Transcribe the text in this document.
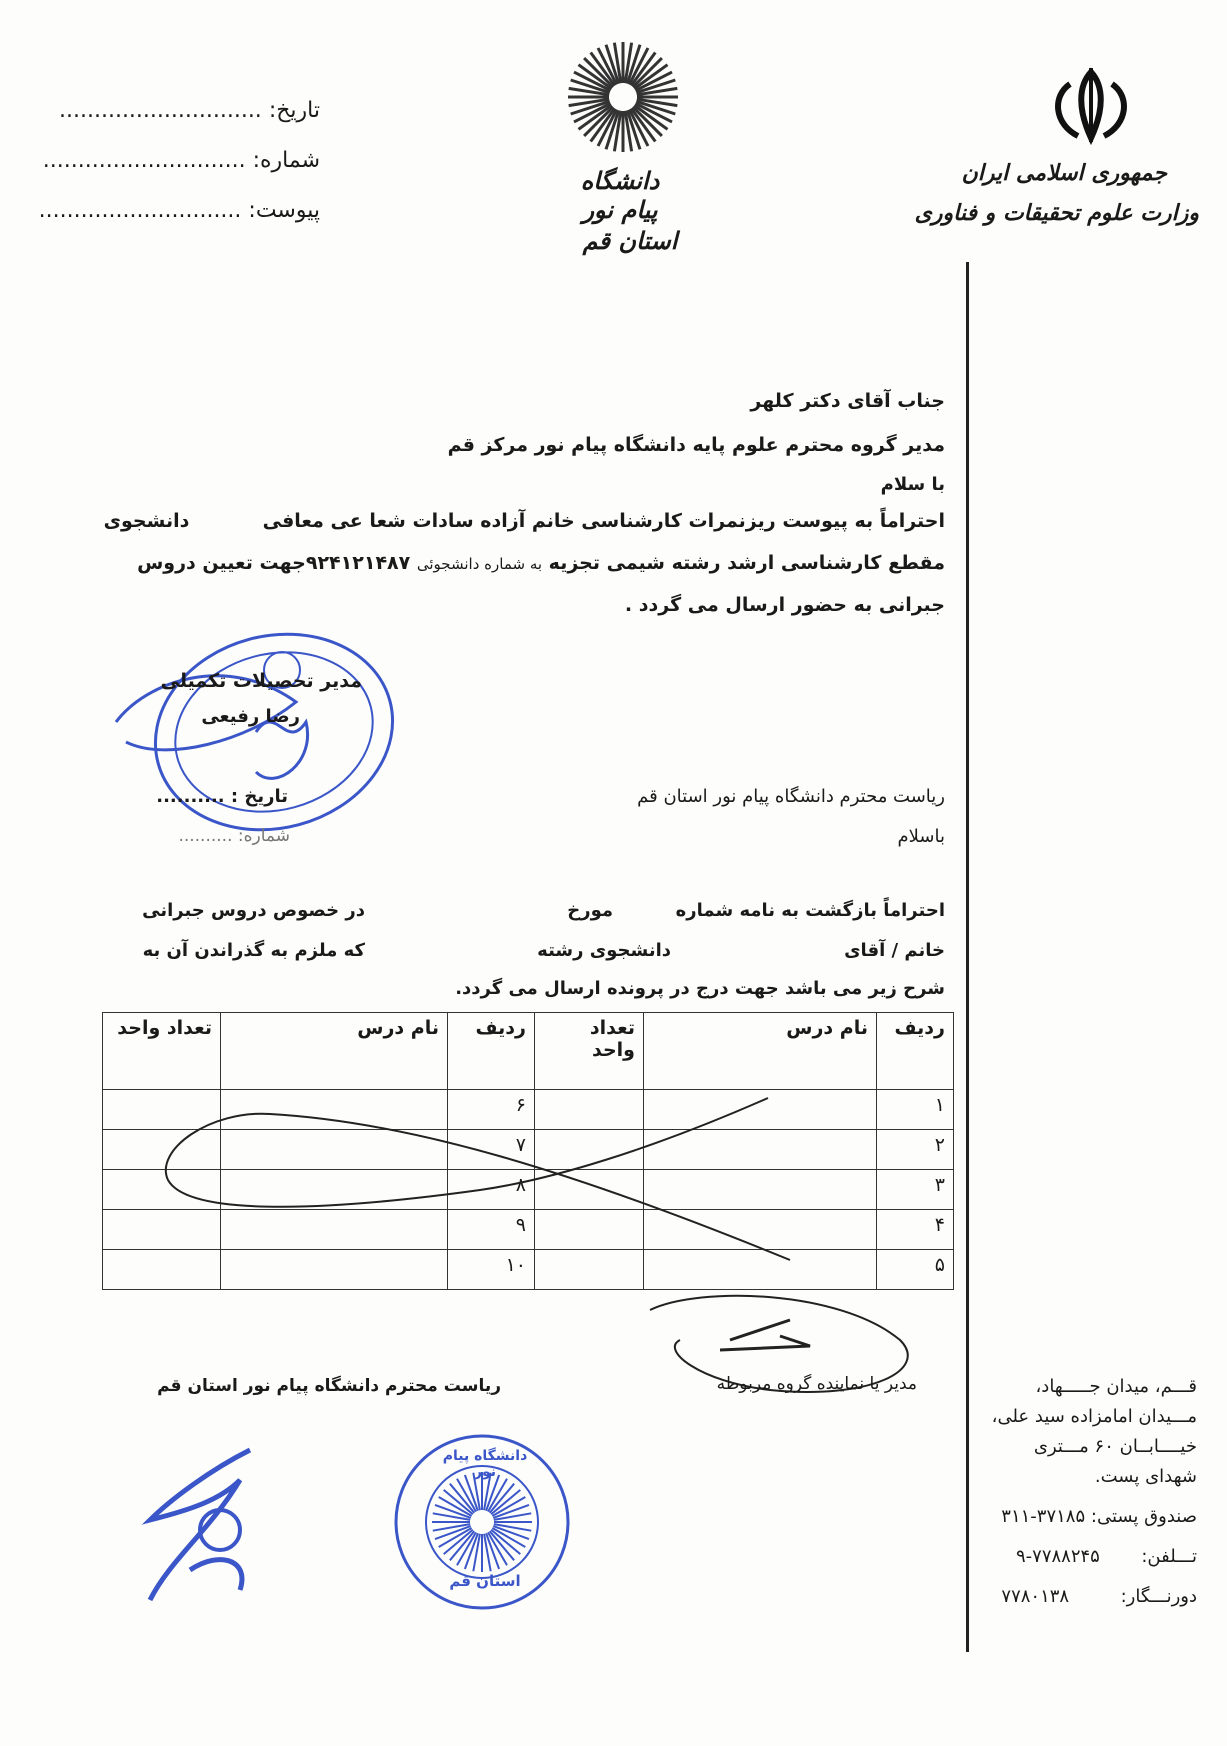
جمهوری اسلامی ایران
وزارت علوم تحقیقات و فناوری
دانشگاه پیام نور
استان قم
تاریخ: .............................
شماره: .............................
پیوست: .............................
جناب آقای دکتر کلهر
مدیر گروه محترم علوم پایه دانشگاه پیام نور مرکز قم
با سلام
احتراماً به پیوست ریزنمرات کارشناسی خانم آزاده سادات شعا عی معافی  دانشجوی
مقطع کارشناسی ارشد رشته شیمی تجزیه به شماره دانشجوئی ۹۲۴۱۲۱۴۸۷جهت تعیین دروس
جبرانی به حضور ارسال می گردد .
مدیر تحصیلات تکمیلی
رضا رفیعی
تاریخ : ..........
شماره: ..........
ریاست محترم دانشگاه پیام نور استان قم
باسلام
احتراماً بازگشت به نامه شماره
مورخ
در خصوص دروس جبرانی
خانم / آقای
دانشجوی رشته
که ملزم به گذراندن آن به
شرح زیر می باشد جهت درج در پرونده ارسال می گردد.
ردیف	نام درس	تعداد واحد	ردیف	نام درس	تعداد واحد
۱			۶		
۲			۷		
۳			۸		
۴			۹		
۵			۱۰		
مدیر یا نماینده گروه مربوطه
ریاست محترم دانشگاه پیام نور استان قم
دانشگاه پیام نور
استان قم
قـــم، میدان جـــــهاد،
مـــیدان امامزاده سید علی،
خیــــابــان ۶۰ مـــتری
شهدای پست.
صندوق پستی: ۳۷۱۸۵-۳۱۱
تـــلفن:  ۷۷۸۸۲۴۵-۹
دورنـــگار:  ۷۷۸۰۱۳۸
